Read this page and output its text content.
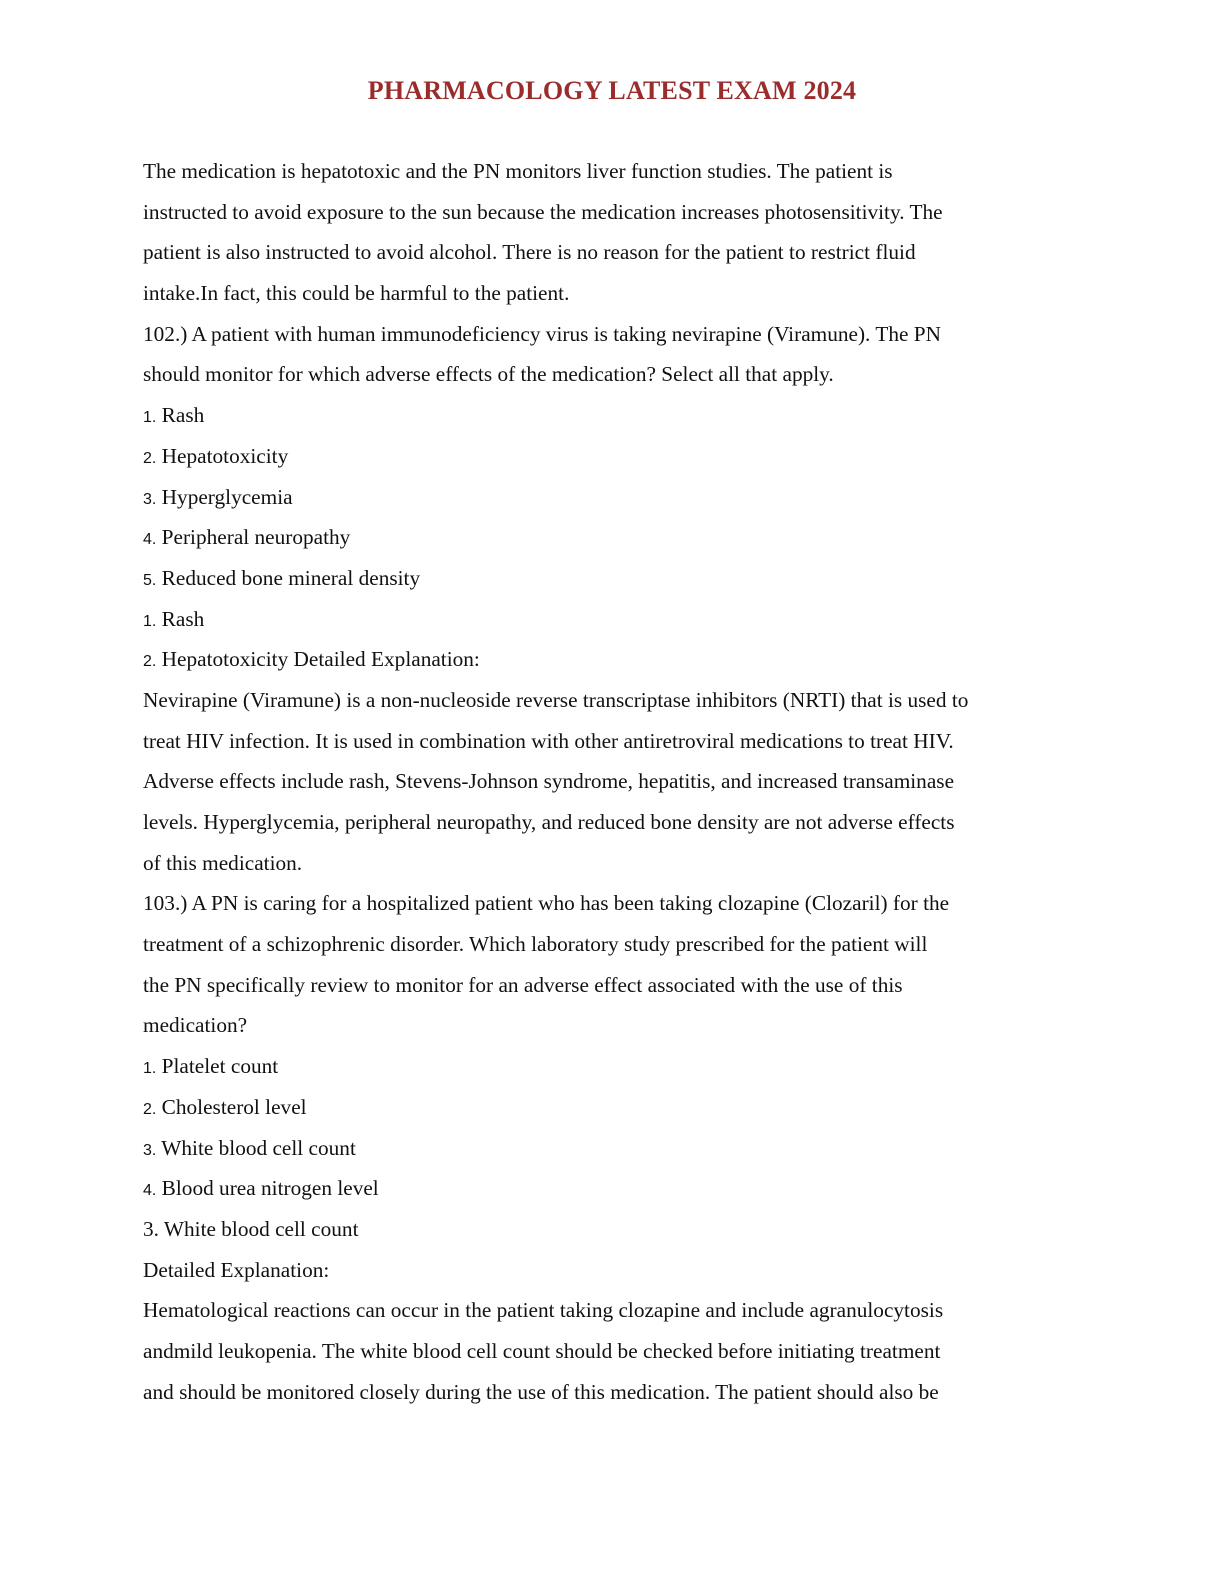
PHARMACOLOGY LATEST EXAM 2024
The medication is hepatotoxic and the PN monitors liver function studies. The patient is
instructed to avoid exposure to the sun because the medication increases photosensitivity. The
patient is also instructed to avoid alcohol. There is no reason for the patient to restrict fluid
intake.In fact, this could be harmful to the patient.
102.) A patient with human immunodeficiency virus is taking nevirapine (Viramune). The PN
should monitor for which adverse effects of the medication? Select all that apply.
1. Rash
2. Hepatotoxicity
3. Hyperglycemia
4. Peripheral neuropathy
5. Reduced bone mineral density
1. Rash
2. Hepatotoxicity Detailed Explanation:
Nevirapine (Viramune) is a non-nucleoside reverse transcriptase inhibitors (NRTI) that is used to
treat HIV infection. It is used in combination with other antiretroviral medications to treat HIV.
Adverse effects include rash, Stevens-Johnson syndrome, hepatitis, and increased transaminase
levels. Hyperglycemia, peripheral neuropathy, and reduced bone density are not adverse effects
of this medication.
103.) A PN is caring for a hospitalized patient who has been taking clozapine (Clozaril) for the
treatment of a schizophrenic disorder. Which laboratory study prescribed for the patient will
the PN specifically review to monitor for an adverse effect associated with the use of this
medication?
1. Platelet count
2. Cholesterol level
3. White blood cell count
4. Blood urea nitrogen level
3. White blood cell count
Detailed Explanation:
Hematological reactions can occur in the patient taking clozapine and include agranulocytosis
andmild leukopenia. The white blood cell count should be checked before initiating treatment
and should be monitored closely during the use of this medication. The patient should also be
